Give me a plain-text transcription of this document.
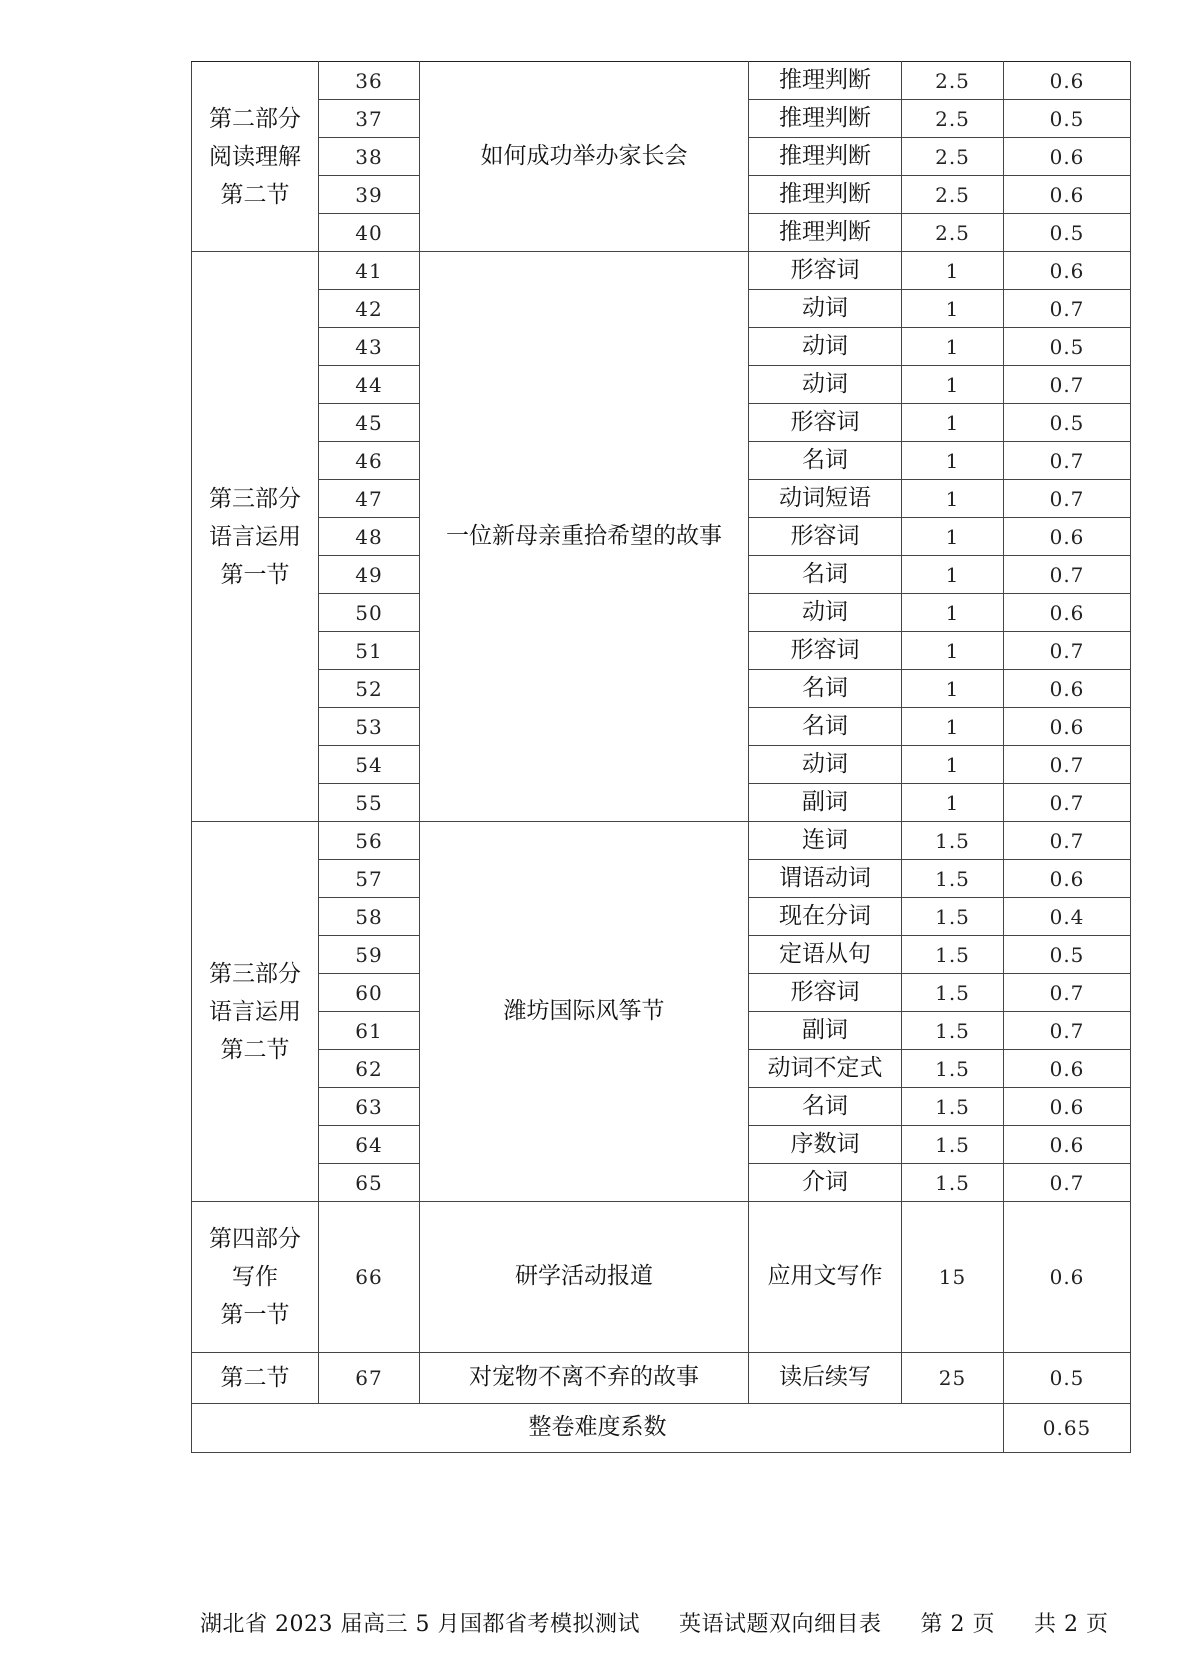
第二部分
阅读理解
第二节	36	如何成功举办家长会	推理判断	2.5	0.6
	37		推理判断	2.5	0.5
	38		推理判断	2.5	0.6
	39		推理判断	2.5	0.6
	40		推理判断	2.5	0.5

第三部分
语言运用
第一节	41	一位新母亲重拾希望的故事	形容词	1	0.6
	42		动词	1	0.7
	43		动词	1	0.5
	44		动词	1	0.7
	45		形容词	1	0.5
	46		名词	1	0.7
	47		动词短语	1	0.7
	48		形容词	1	0.6
	49		名词	1	0.7
	50		动词	1	0.6
	51		形容词	1	0.7
	52		名词	1	0.6
	53		名词	1	0.6
	54		动词	1	0.7
	55		副词	1	0.7

第三部分
语言运用
第二节	56	潍坊国际风筝节	连词	1.5	0.7
	57		谓语动词	1.5	0.6
	58		现在分词	1.5	0.4
	59		定语从句	1.5	0.5
	60		形容词	1.5	0.7
	61		副词	1.5	0.7
	62		动词不定式	1.5	0.6
	63		名词	1.5	0.6
	64		序数词	1.5	0.6
	65		介词	1.5	0.7

第四部分
写作
第一节	66	研学活动报道	应用文写作	15	0.6
第二节	67	对宠物不离不弃的故事	读后续写	25	0.5
整卷难度系数					0.65
湖北省 2023 届高三 5 月国都省考模拟测试 英语试题双向细目表 第 2 页 共 2 页
